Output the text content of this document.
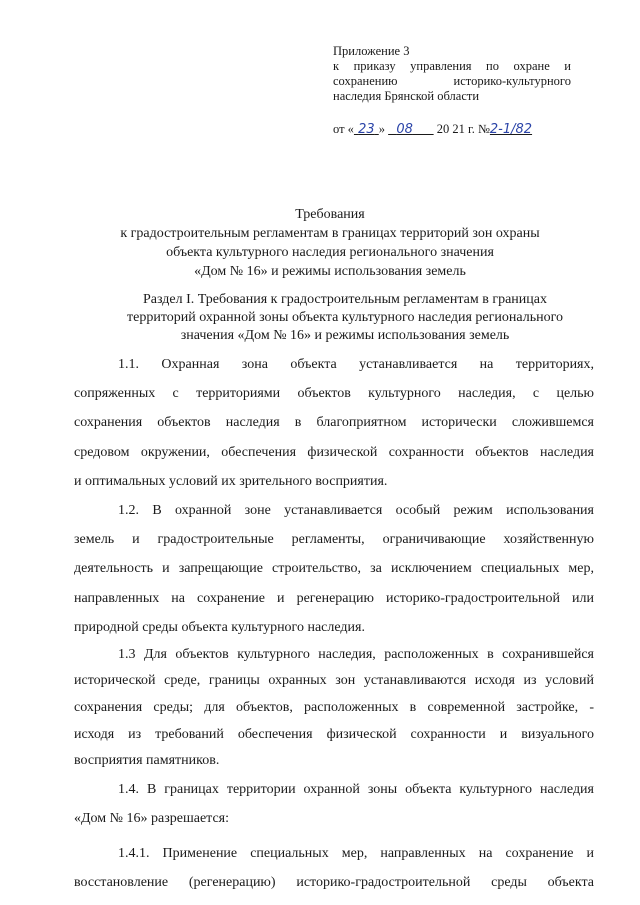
Приложение 3
к приказу управления по охране и
сохранению историко-культурного
наследия Брянской области
от « 23 » 08 20 21 г. №2-1/82
Требования
к градостроительным регламентам в границах территорий зон охраны
объекта культурного наследия регионального значения
«Дом № 16» и режимы использования земель
Раздел I. Требования к градостроительным регламентам в границах
территорий охранной зоны объекта культурного наследия регионального
значения «Дом № 16» и режимы использования земель
1.1. Охранная зона объекта устанавливается на территориях,
сопряженных с территориями объектов культурного наследия, с целью
сохранения объектов наследия в благоприятном исторически сложившемся
средовом окружении, обеспечения физической сохранности объектов наследия
и оптимальных условий их зрительного восприятия.
1.2. В охранной зоне устанавливается особый режим использования
земель и градостроительные регламенты, ограничивающие хозяйственную
деятельность и запрещающие строительство, за исключением специальных мер,
направленных на сохранение и регенерацию историко-градостроительной или
природной среды объекта культурного наследия.
1.3 Для объектов культурного наследия, расположенных в сохранившейся
исторической среде, границы охранных зон устанавливаются исходя из условий
сохранения среды; для объектов, расположенных в современной застройке, -
исходя из требований обеспечения физической сохранности и визуального
восприятия памятников.
1.4. В границах территории охранной зоны объекта культурного наследия
«Дом № 16» разрешается:
1.4.1. Применение специальных мер, направленных на сохранение и
восстановление (регенерацию) историко-градостроительной среды объекта
